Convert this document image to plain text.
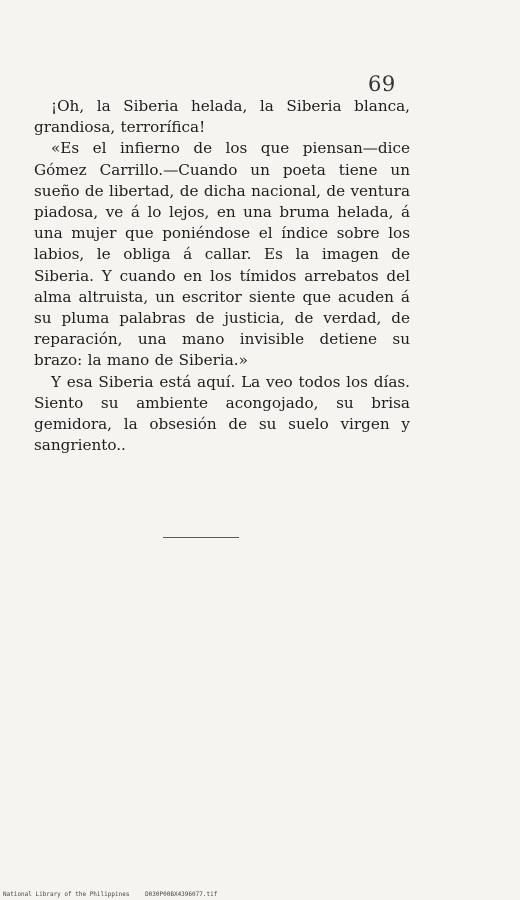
69

¡Oh, la Siberia helada, la Siberia blanca, grandiosa, terrorífica!

«Es el infierno de los que piensan—dice Gómez Carrillo.—Cuando un poeta tiene un sueño de libertad, de dicha nacional, de ventura piadosa, ve á lo lejos, en una bruma helada, á una mujer que poniéndose el índice sobre los labios, le obliga á callar. Es la imagen de Siberia. Y cuando en los tímidos arrebatos del alma altruista, un escritor siente que acuden á su pluma palabras de justicia, de verdad, de reparación, una mano invisible detiene su brazo: la mano de Siberia.»

Y esa Siberia está aquí. La veo todos los días. Siento su ambiente acongojado, su brisa gemidora, la obsesión de su suelo virgen y sangriento..

National Library of the Philippines	D030P00BX4396077.tif
